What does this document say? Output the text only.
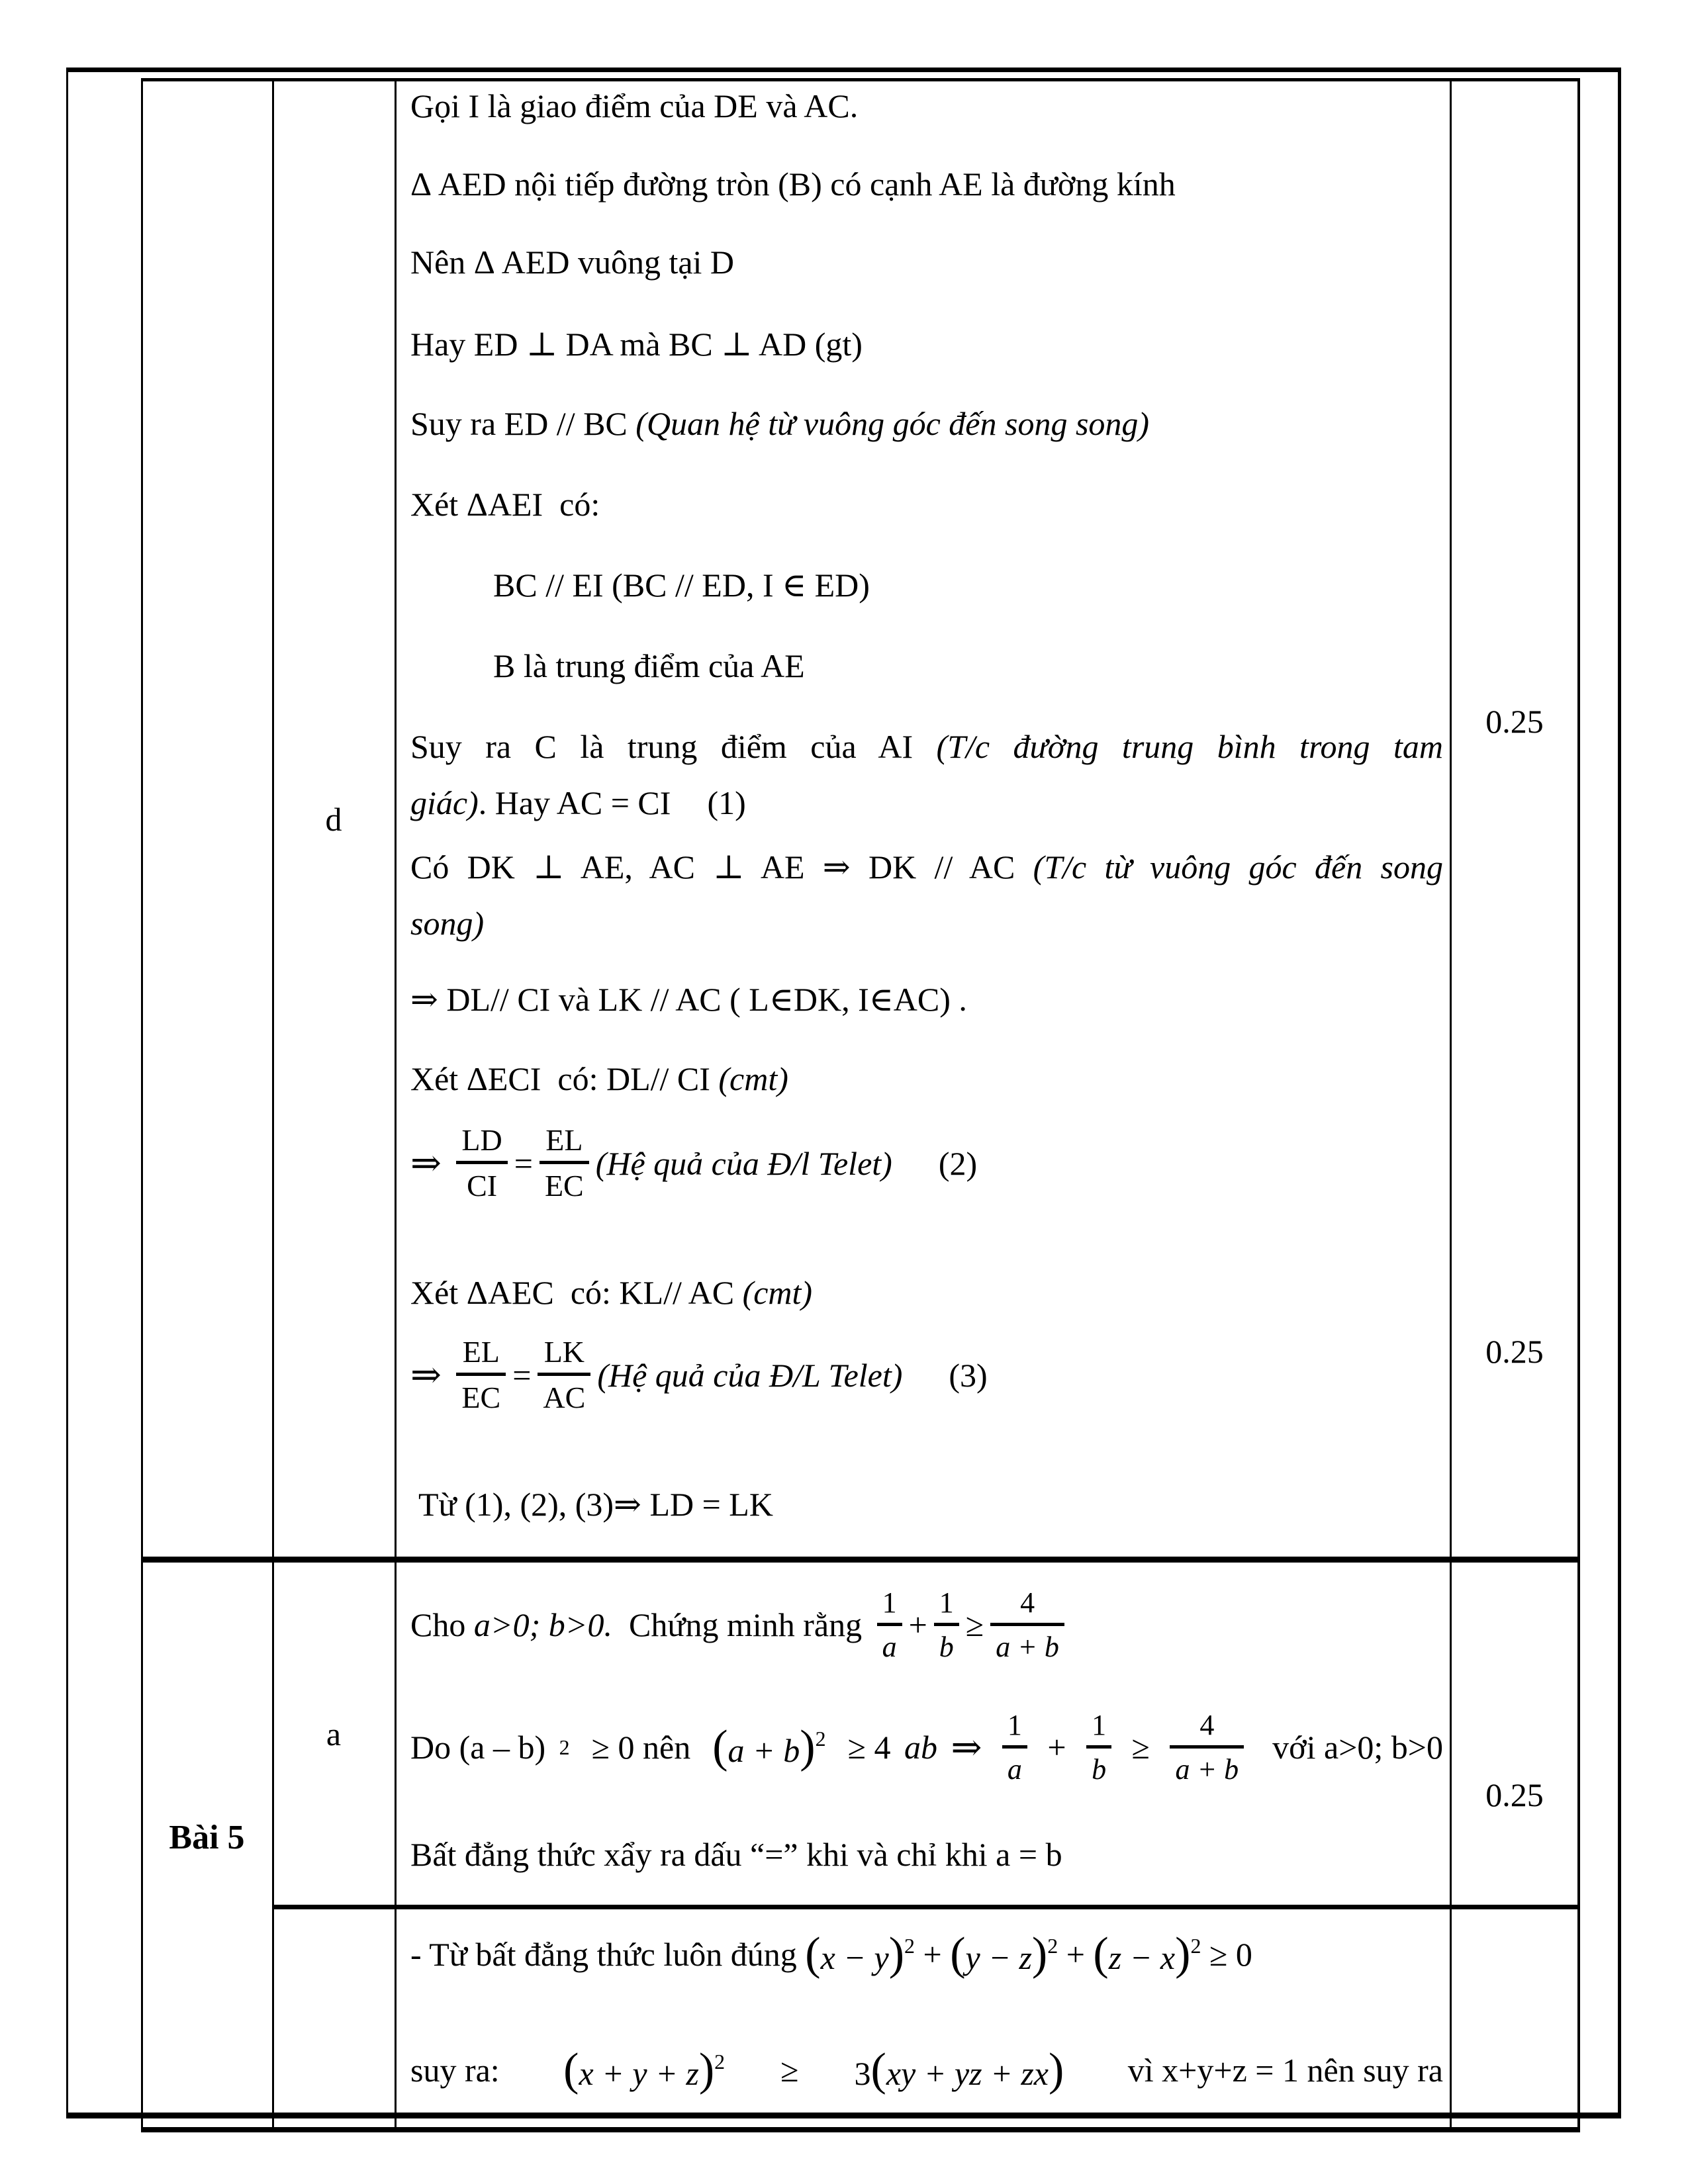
d
Bài 5
a
0.25
0.25
0.25
Gọi I là giao điểm của DE và AC.
Δ AED nội tiếp đường tròn (B) có cạnh AE là đường kính
Nên Δ AED vuông tại D
Hay ED ⊥ DA mà BC ⊥ AD (gt)
Suy ra ED // BC (Quan hệ từ vuông góc đến song song)
Xét ΔAEI  có:
BC // EI (BC // ED, I ∈ ED)
B là trung điểm của AE
Suy ra C là trung điểm của AI (T/c đường trung bình trong tam
giác). Hay AC = CI (1)
Có DK ⊥ AE, AC ⊥ AE ⇒ DK // AC (T/c từ vuông góc đến song
song)
⇒ DL// CI và LK // AC ( L∈DK, I∈AC) .
Xét ΔECI  có: DL// CI (cmt)
⇒

LD
CI
=
EL
EC
(Hệ quả của Đ/l Telet) (2)
Xét ΔAEC  có: KL// AC (cmt)
⇒

EL
EC
=
LK
AC
(Hệ quả của Đ/L Telet) (3)
Từ (1), (2), (3)⇒ LD = LK
Cho a>0; b>0. Chứng minh rằng
1
a
+
1
b
≥
4
a + b
Do (a – b) 2 ≥ 0 nên $(a + b)^2 \ge 4$ ab ⇒
1
a
+
1
b
≥
4
a + b
với a>0; b>0
Bất đẳng thức xẩy ra dấu “=” khi và chỉ khi a = b
- Từ bất đẳng thức luôn đúng $(x - y)^2$
+
$(y - z)^2$
+
$(z - x)^2 \ge 0$
suy ra: $(x + y + z)^2 \ge 3(xy$ + yz + zx) vì x+y+z = 1 nên suy ra
